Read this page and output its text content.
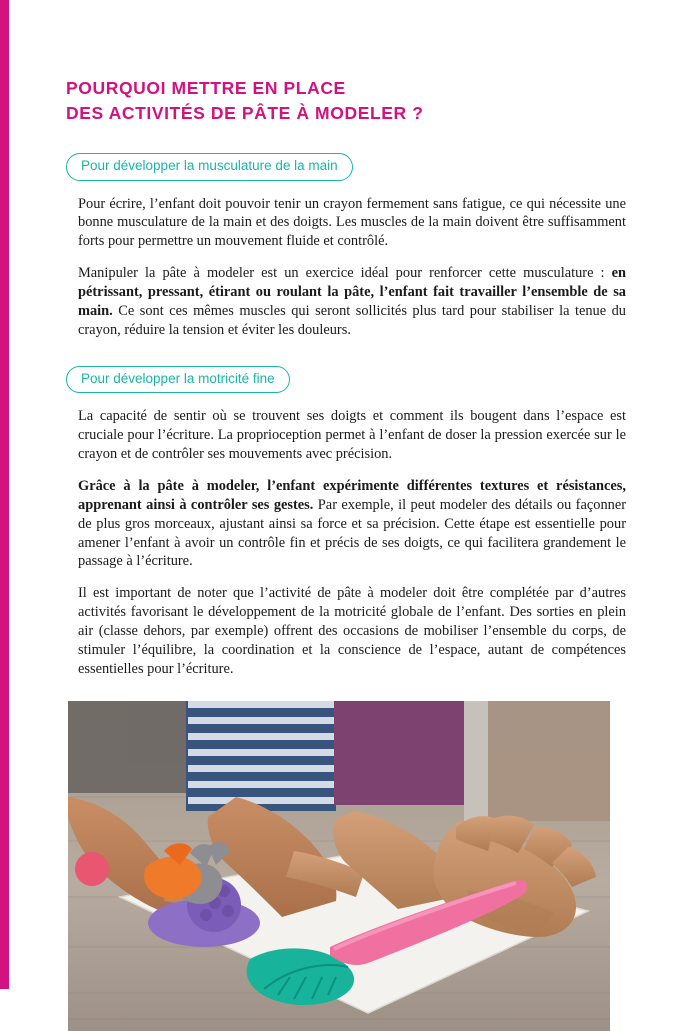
POURQUOI METTRE EN PLACE
DES ACTIVITÉS DE PÂTE À MODELER ?
Pour développer la musculature de la main

Pour écrire, l’enfant doit pouvoir tenir un crayon fermement sans fatigue, ce qui nécessite une bonne musculature de la main et des doigts. Les muscles de la main doivent être suffisamment forts pour permettre un mouvement fluide et contrôlé.

Manipuler la pâte à modeler est un exercice idéal pour renforcer cette musculature : en pétrissant, pressant, étirant ou roulant la pâte, l’enfant fait travailler l’ensemble de sa main. Ce sont ces mêmes muscles qui seront sollicités plus tard pour stabiliser la tenue du crayon, réduire la tension et éviter les douleurs.

Pour développer la motricité fine

La capacité de sentir où se trouvent ses doigts et comment ils bougent dans l’espace est cruciale pour l’écriture. La proprioception permet à l’enfant de doser la pression exercée sur le crayon et de contrôler ses mouvements avec précision.

Grâce à la pâte à modeler, l’enfant expérimente différentes textures et résistances, apprenant ainsi à contrôler ses gestes. Par exemple, il peut modeler des détails ou façonner de plus gros morceaux, ajustant ainsi sa force et sa précision. Cette étape est essentielle pour amener l’enfant à avoir un contrôle fin et précis de ses doigts, ce qui facilitera grandement le passage à l’écriture.

Il est important de noter que l’activité de pâte à modeler doit être complétée par d’autres activités favorisant le développement de la motricité globale de l’enfant. Des sorties en plein air (classe dehors, par exemple) offrent des occasions de mobiliser l’ensemble du corps, de stimuler l’équilibre, la coordination et la conscience de l’espace, autant de compétences essentielles pour l’écriture.
